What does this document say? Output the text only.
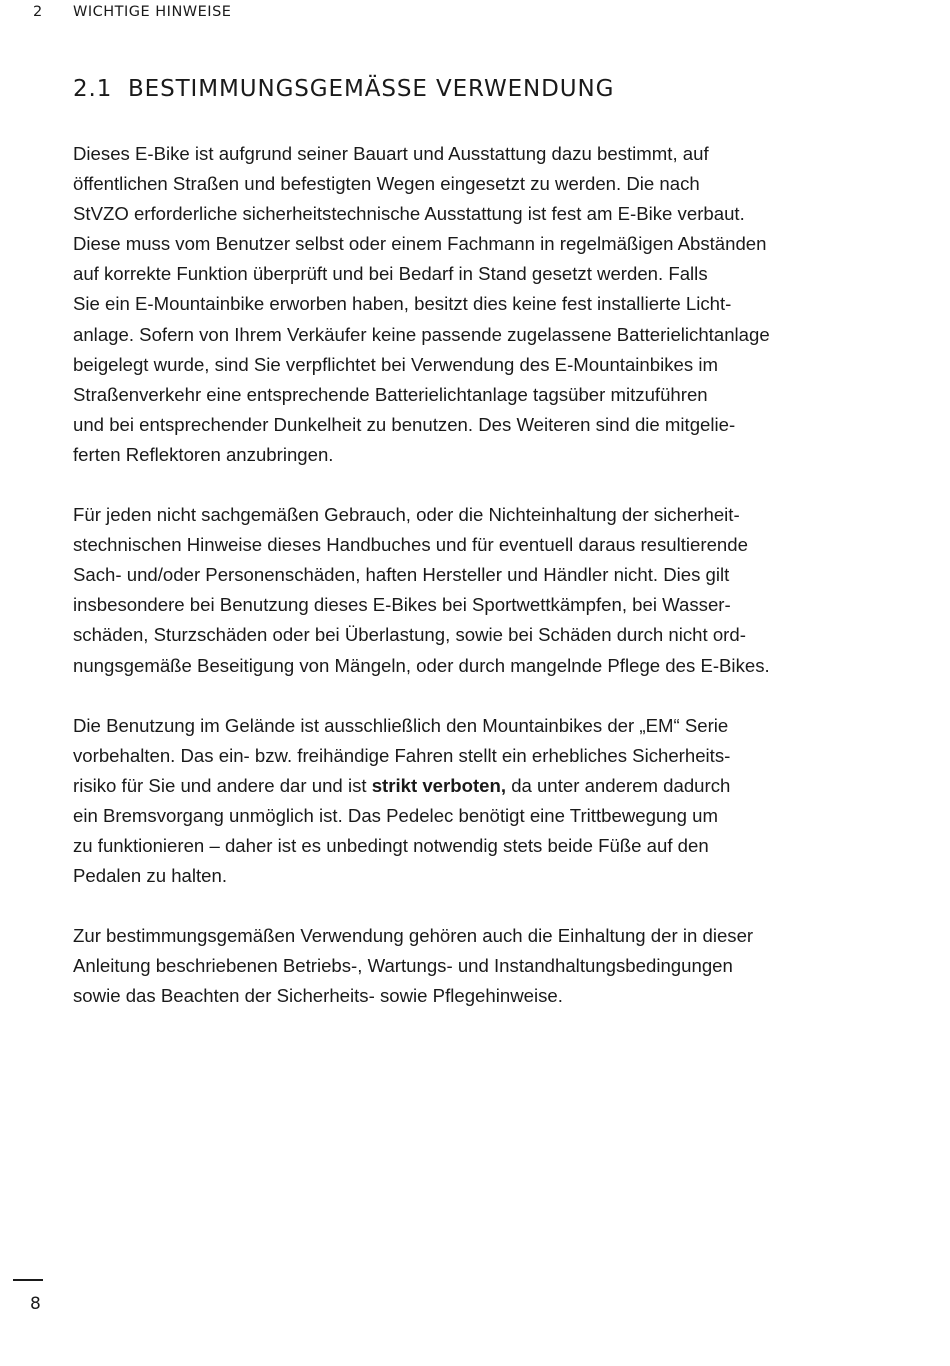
2 WICHTIGE HINWEISE
2.1 BESTIMMUNGSGEMÄSSE VERWENDUNG

Dieses E-Bike ist aufgrund seiner Bauart und Ausstattung dazu bestimmt, auf
öffentlichen Straßen und befestigten Wegen eingesetzt zu werden. Die nach
StVZO erforderliche sicherheitstechnische Ausstattung ist fest am E-Bike verbaut.
Diese muss vom Benutzer selbst oder einem Fachmann in regelmäßigen Abständen
auf korrekte Funktion überprüft und bei Bedarf in Stand gesetzt werden. Falls
Sie ein E-Mountainbike erworben haben, besitzt dies keine fest installierte Licht-
anlage. Sofern von Ihrem Verkäufer keine passende zugelassene Batterielichtanlage
beigelegt wurde, sind Sie verpflichtet bei Verwendung des E-Mountainbikes im
Straßenverkehr eine entsprechende Batterielichtanlage tagsüber mitzuführen
und bei entsprechender Dunkelheit zu benutzen. Des Weiteren sind die mitgelie-
ferten Reflektoren anzubringen.

Für jeden nicht sachgemäßen Gebrauch, oder die Nichteinhaltung der sicherheit-
stechnischen Hinweise dieses Handbuches und für eventuell daraus resultierende
Sach- und/oder Personenschäden, haften Hersteller und Händler nicht. Dies gilt
insbesondere bei Benutzung dieses E-Bikes bei Sportwettkämpfen, bei Wasser-
schäden, Sturzschäden oder bei Überlastung, sowie bei Schäden durch nicht ord-
nungsgemäße Beseitigung von Mängeln, oder durch mangelnde Pflege des E-Bikes.

Die Benutzung im Gelände ist ausschließlich den Mountainbikes der „EM“ Serie
vorbehalten. Das ein- bzw. freihändige Fahren stellt ein erhebliches Sicherheits-
risiko für Sie und andere dar und ist strikt verboten, da unter anderem dadurch
ein Bremsvorgang unmöglich ist. Das Pedelec benötigt eine Trittbewegung um
zu funktionieren – daher ist es unbedingt notwendig stets beide Füße auf den
Pedalen zu halten.

Zur bestimmungsgemäßen Verwendung gehören auch die Einhaltung der in dieser
Anleitung beschriebenen Betriebs-, Wartungs- und Instandhaltungsbedingungen
sowie das Beachten der Sicherheits- sowie Pflegehinweise.

8
